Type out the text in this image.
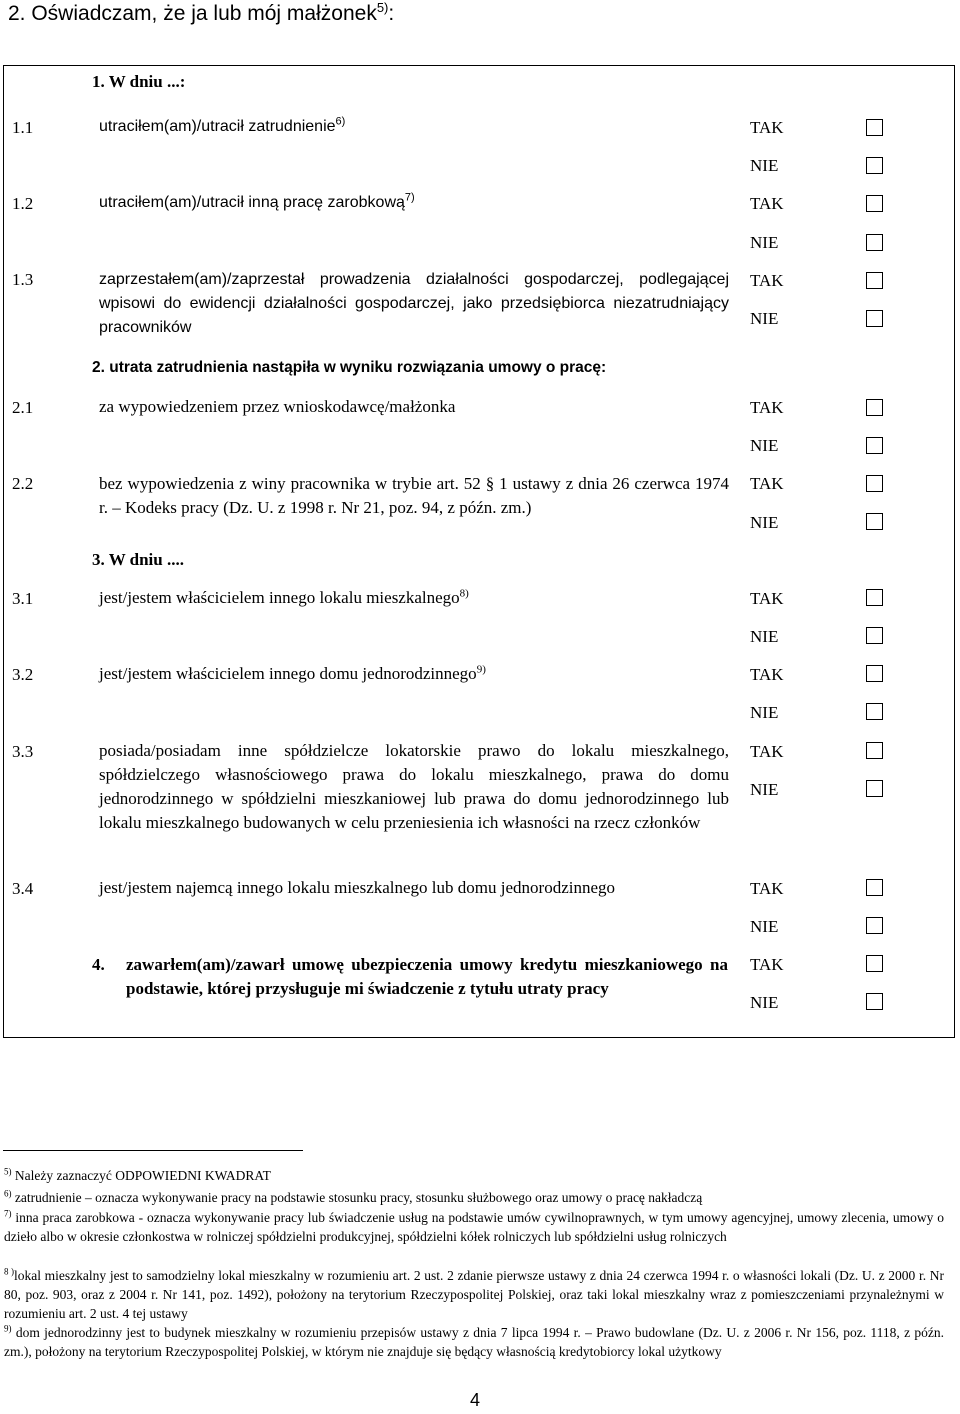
2. Oświadczam, że ja lub mój małżonek$^{5)}$:
1. W dniu ...:
1.1	utraciłem(am)/utracił zatrudnienie$^{6)}$	TAK
NIE
1.2	utraciłem(am)/utracił inną pracę zarobkową$^{7)}$	TAK
NIE
1.3	zaprzestałem(am)/zaprzestał prowadzenia działalności gospodarczej, podlegającej wpisowi do ewidencji działalności gospodarczej, jako przedsiębiorca niezatrudniający pracowników
TAK
NIE
2. utrata zatrudnienia nastąpiła w wyniku rozwiązania umowy o pracę:
2.1	za wypowiedzeniem przez wnioskodawcę/małżonka	TAK
NIE
2.2	bez wypowiedzenia z winy pracownika w trybie art. 52 § 1 ustawy z dnia 26 czerwca 1974 r. – Kodeks pracy (Dz. U. z 1998 r. Nr 21, poz. 94, z późn. zm.)
TAK
NIE
3. W dniu ....
3.1	jest/jestem właścicielem innego lokalu mieszkalnego$^{8)}$	TAK
NIE
3.2	jest/jestem właścicielem innego domu jednorodzinnego$^{9)}$	TAK
NIE
3.3	posiada/posiadam inne spółdzielcze lokatorskie prawo do lokalu mieszkalnego, spółdzielczego własnościowego prawa do lokalu mieszkalnego, prawa do domu jednorodzinnego w spółdzielni mieszkaniowej lub prawa do domu jednorodzinnego lub lokalu mieszkalnego budowanych w celu przeniesienia ich własności na rzecz członków
TAK
NIE
3.4	jest/jestem najemcą innego lokalu mieszkalnego lub domu jednorodzinnego	TAK
NIE
4. zawarłem(am)/zawarł umowę ubezpieczenia umowy kredytu mieszkaniowego na podstawie, której przysługuje mi świadczenie z tytułu utraty pracy
TAK
NIE
$^{5)}$ Należy zaznaczyć ODPOWIEDNI KWADRAT
$^{6)}$ zatrudnienie – oznacza wykonywanie pracy na podstawie stosunku pracy, stosunku służbowego oraz umowy o pracę nakładczą
$^{7)}$ inna praca zarobkowa - oznacza wykonywanie pracy lub świadczenie usług na podstawie umów cywilnoprawnych, w tym umowy agencyjnej, umowy zlecenia, umowy o dzieło albo w okresie członkostwa w rolniczej spółdzielni produkcyjnej, spółdzielni kółek rolniczych lub spółdzielni usług rolniczych
$^{8 )}$lokal mieszkalny jest to samodzielny lokal mieszkalny w rozumieniu art. 2 ust. 2 zdanie pierwsze ustawy z dnia 24 czerwca 1994 r. o własności lokali (Dz. U. z 2000 r. Nr 80, poz. 903, oraz z 2004 r. Nr 141, poz. 1492), położony na terytorium Rzeczypospolitej Polskiej, oraz taki lokal mieszkalny wraz z pomieszczeniami przynależnymi w rozumieniu art. 2 ust. 4 tej ustawy
$^{9)}$ dom jednorodzinny jest to budynek mieszkalny w rozumieniu przepisów ustawy z dnia 7 lipca 1994 r. – Prawo budowlane (Dz. U. z 2006 r. Nr 156, poz. 1118, z późn. zm.), położony na terytorium Rzeczypospolitej Polskiej, w którym nie znajduje się będący własnością kredytobiorcy lokal użytkowy
4
